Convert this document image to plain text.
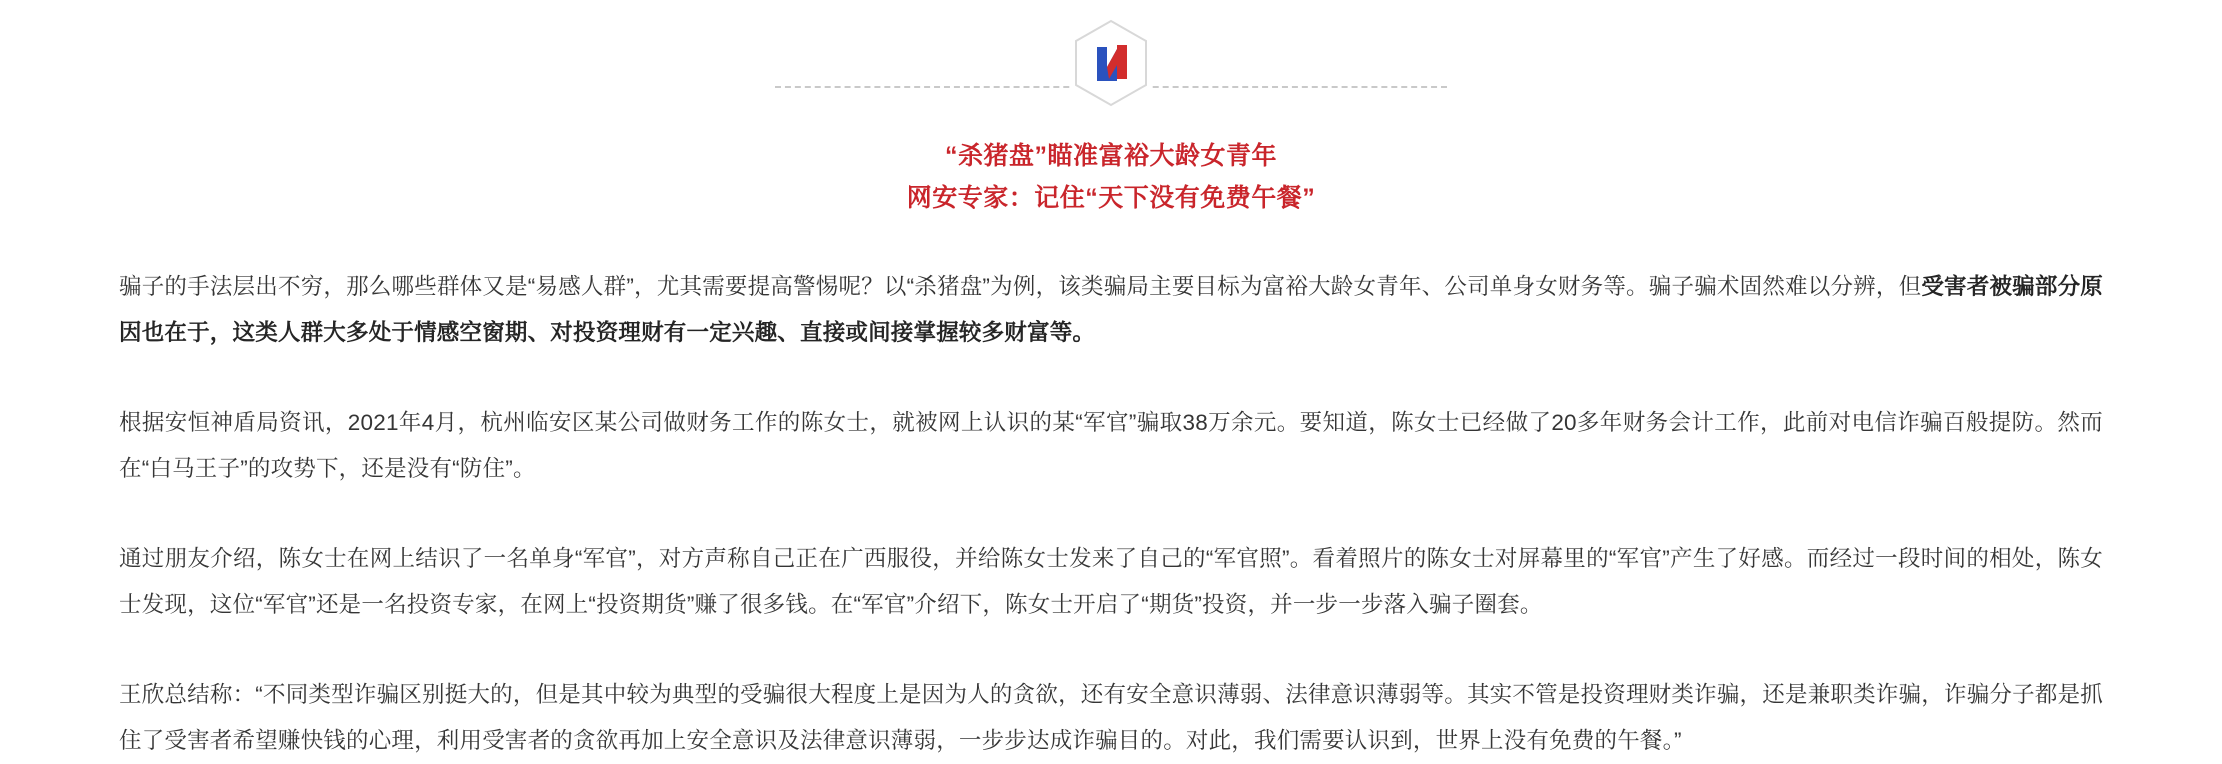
“杀猪盘”瞄准富裕大龄女青年
网安专家：记住“天下没有免费午餐”

骗子的手法层出不穷，那么哪些群体又是“易感人群”，尤其需要提高警惕呢？以“杀猪盘”为例，该类骗局主要目标为富裕大龄女青年、公司单身女财务等。骗子骗术固然难以分辨，但受害者被骗部分原因也在于，这类人群大多处于情感空窗期、对投资理财有一定兴趣、直接或间接掌握较多财富等。

根据安恒神盾局资讯，2021年4月，杭州临安区某公司做财务工作的陈女士，就被网上认识的某“军官”骗取38万余元。要知道，陈女士已经做了20多年财务会计工作，此前对电信诈骗百般提防。然而在“白马王子”的攻势下，还是没有“防住”。

通过朋友介绍，陈女士在网上结识了一名单身“军官”，对方声称自己正在广西服役，并给陈女士发来了自己的“军官照”。看着照片的陈女士对屏幕里的“军官”产生了好感。而经过一段时间的相处，陈女士发现，这位“军官”还是一名投资专家，在网上“投资期货”赚了很多钱。在“军官”介绍下，陈女士开启了“期货”投资，并一步一步落入骗子圈套。

王欣总结称：“不同类型诈骗区别挺大的，但是其中较为典型的受骗很大程度上是因为人的贪欲，还有安全意识薄弱、法律意识薄弱等。其实不管是投资理财类诈骗，还是兼职类诈骗，诈骗分子都是抓住了受害者希望赚快钱的心理，利用受害者的贪欲再加上安全意识及法律意识薄弱，一步步达成诈骗目的。对此，我们需要认识到，世界上没有免费的午餐。”
